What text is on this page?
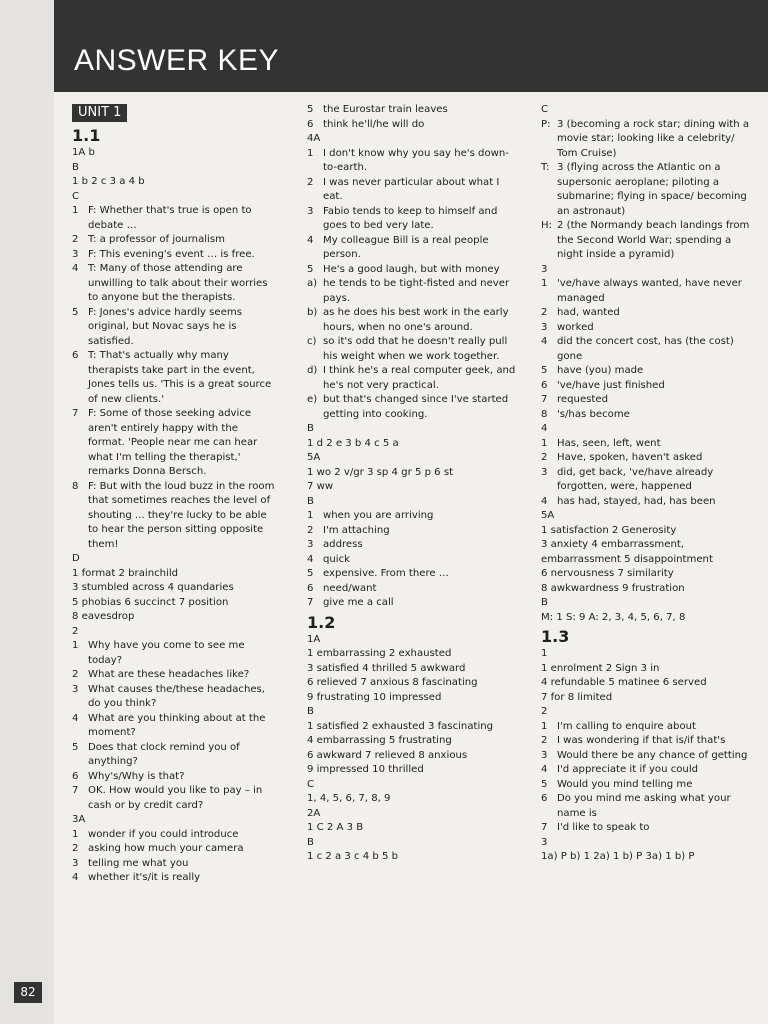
ANSWER KEY
UNIT 1
1.1
1A b
B
1 b 2 c 3 a 4 b
C
1 F: Whether that's true is open to debate …
2 T: a professor of journalism
3 F: This evening's event … is free.
4 T: Many of those attending are unwilling to talk about their worries to anyone but the therapists.
5 F: Jones's advice hardly seems original, but Novac says he is satisfied.
6 T: That's actually why many therapists take part in the event, Jones tells us. 'This is a great source of new clients.'
7 F: Some of those seeking advice aren't entirely happy with the format. 'People near me can hear what I'm telling the therapist,' remarks Donna Bersch.
8 F: But with the loud buzz in the room that sometimes reaches the level of shouting ... they're lucky to be able to hear the person sitting opposite them!
D
1 format 2 brainchild
3 stumbled across 4 quandaries
5 phobias 6 succinct 7 position
8 eavesdrop
2
1 Why have you come to see me today?
2 What are these headaches like?
3 What causes the/these headaches, do you think?
4 What are you thinking about at the moment?
5 Does that clock remind you of anything?
6 Why's/Why is that?
7 OK. How would you like to pay – in cash or by credit card?
3A
1 wonder if you could introduce
2 asking how much your camera
3 telling me what you
4 whether it's/it is really
5 the Eurostar train leaves
6 think he'll/he will do
4A
1 I don't know why you say he's down-to-earth.
2 I was never particular about what I eat.
3 Fabio tends to keep to himself and goes to bed very late.
4 My colleague Bill is a real people person.
5 He's a good laugh, but with money
a) he tends to be tight-fisted and never pays.
b) as he does his best work in the early hours, when no one's around.
c) so it's odd that he doesn't really pull his weight when we work together.
d) I think he's a real computer geek, and he's not very practical.
e) but that's changed since I've started getting into cooking.
B
1 d 2 e 3 b 4 c 5 a
5A
1 wo 2 v/gr 3 sp 4 gr 5 p 6 st
7 ww
B
1 when you are arriving
2 I'm attaching
3 address
4 quick
5 expensive. From there …
6 need/want
7 give me a call
1.2
1A
1 embarrassing 2 exhausted
3 satisfied 4 thrilled 5 awkward
6 relieved 7 anxious 8 fascinating
9 frustrating 10 impressed
B
1 satisfied 2 exhausted 3 fascinating
4 embarrassing 5 frustrating
6 awkward 7 relieved 8 anxious
9 impressed 10 thrilled
C
1, 4, 5, 6, 7, 8, 9
2A
1 C 2 A 3 B
B
1 c 2 a 3 c 4 b 5 b
C
P: 3 (becoming a rock star; dining with a movie star; looking like a celebrity/ Tom Cruise)
T: 3 (flying across the Atlantic on a supersonic aeroplane; piloting a submarine; flying in space/ becoming an astronaut)
H: 2 (the Normandy beach landings from the Second World War; spending a night inside a pyramid)
3
1 've/have always wanted, have never managed
2 had, wanted
3 worked
4 did the concert cost, has (the cost) gone
5 have (you) made
6 've/have just finished
7 requested
8 's/has become
4
1 Has, seen, left, went
2 Have, spoken, haven't asked
3 did, get back, 've/have already forgotten, were, happened
4 has had, stayed, had, has been
5A
1 satisfaction 2 Generosity
3 anxiety 4 embarrassment,
embarrassment 5 disappointment
6 nervousness 7 similarity
8 awkwardness 9 frustration
B
M: 1 S: 9 A: 2, 3, 4, 5, 6, 7, 8
1.3
1
1 enrolment 2 Sign 3 in
4 refundable 5 matinee 6 served
7 for 8 limited
2
1 I'm calling to enquire about
2 I was wondering if that is/if that's
3 Would there be any chance of getting
4 I'd appreciate it if you could
5 Would you mind telling me
6 Do you mind me asking what your name is
7 I'd like to speak to
3
1a) P b) 1 2a) 1 b) P 3a) 1 b) P
82
